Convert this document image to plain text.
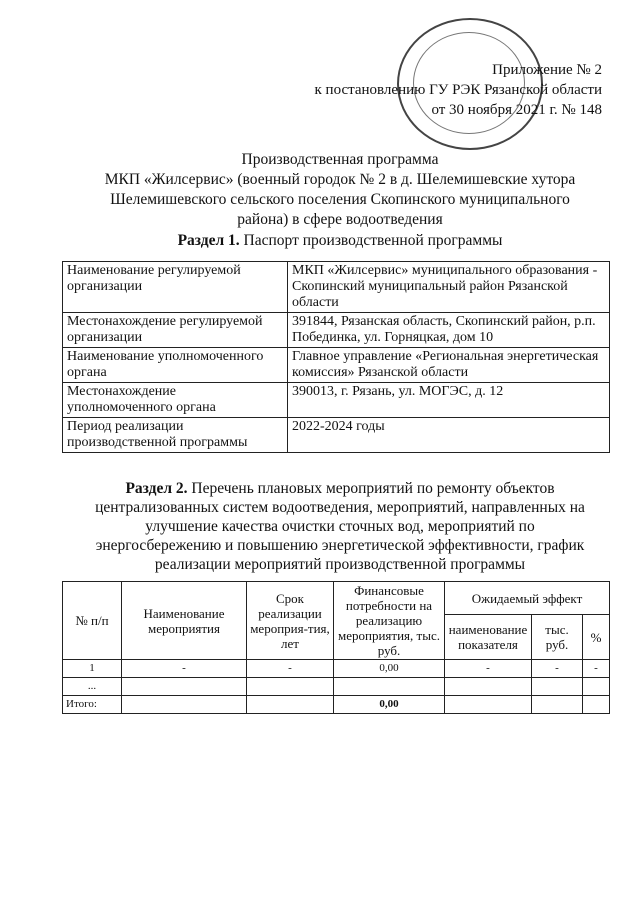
Приложение № 2
к постановлению ГУ РЭК Рязанской области
от 30 ноября 2021 г. № 148
Производственная программа
МКП «Жилсервис» (военный городок № 2 в д. Шелемишевские хутора
Шелемишевского сельского поселения Скопинского муниципального
района) в сфере водоотведения
Раздел 1. Паспорт производственной программы
Наименование регулируемой организации	МКП «Жилсервис» муниципального образования - Скопинский муниципальный район Рязанской области
Местонахождение регулируемой организации	391844, Рязанская область, Скопинский район, р.п. Побединка, ул. Горняцкая, дом 10
Наименование уполномоченного органа	Главное управление «Региональная энергетическая комиссия» Рязанской области
Местонахождение уполномоченного органа	390013, г. Рязань, ул. МОГЭС, д. 12
Период реализации производственной программы	2022-2024 годы
Раздел 2. Перечень плановых мероприятий по ремонту объектов
централизованных систем водоотведения, мероприятий, направленных на
улучшение качества очистки сточных вод, мероприятий по
энергосбережению и повышению энергетической эффективности, график
реализации мероприятий производственной программы
№ п/п	Наименование мероприятия	Срок реализации мероприя-тия, лет	Финансовые потребности на реализацию мероприятия, тыс. руб.	Ожидаемый эффект		
				наименование показателя	тыс. руб.	%
1	-	-	0,00	-	-	-
...						
Итого:			0,00			
